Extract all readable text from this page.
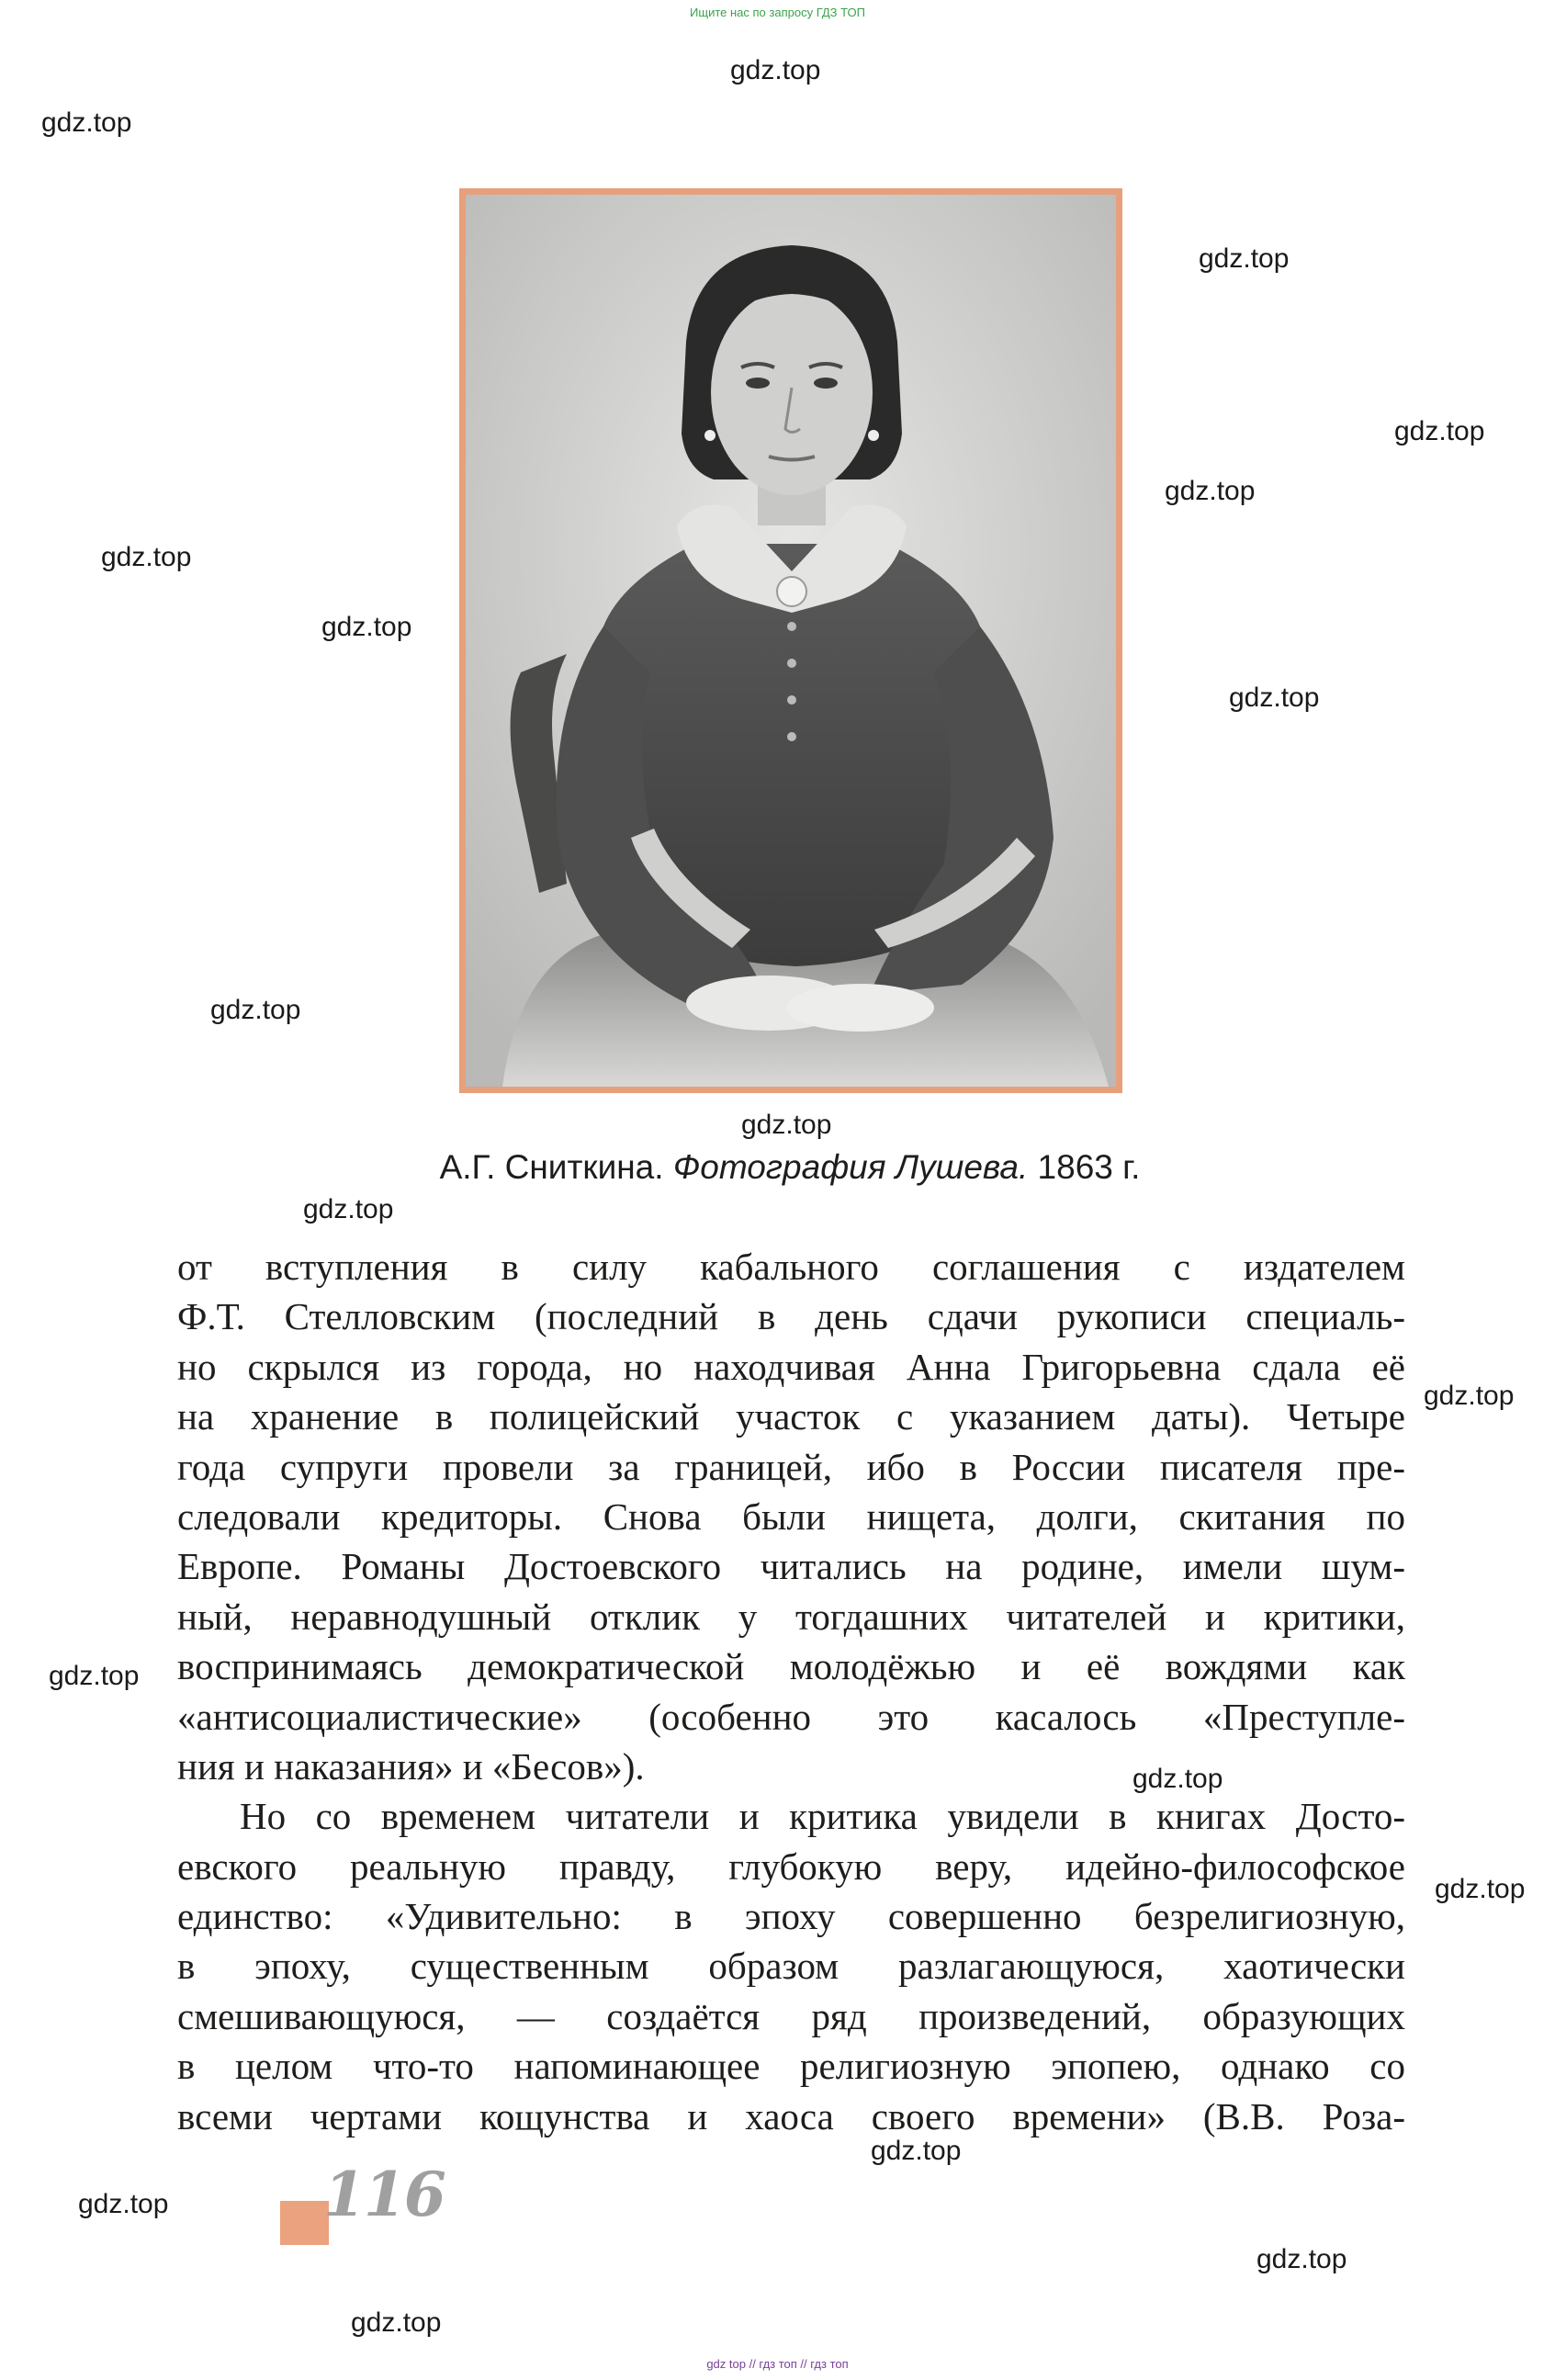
Ищите нас по запросу ГДЗ ТОП
gdz.top
gdz.top
gdz.top
gdz.top
gdz.top
gdz.top
gdz.top
gdz.top
gdz.top
gdz.top
gdz.top
gdz.top
gdz.top
gdz.top
gdz.top
gdz.top
gdz.top
gdz.top
gdz.top
А.Г. Сниткина. Фотография Лушева. 1863 г.
от вступления в силу кабального соглашения с издателем
Ф.Т. Стелловским (последний в день сдачи рукописи специаль-
но скрылся из города, но находчивая Анна Григорьевна сдала её
на хранение в полицейский участок с указанием даты). Четыре
года супруги провели за границей, ибо в России писателя пре-
следовали кредиторы. Снова были нищета, долги, скитания по
Европе. Романы Достоевского читались на родине, имели шум-
ный, неравнодушный отклик у тогдашних читателей и критики,
воспринимаясь демократической молодёжью и её вождями как
«антисоциалистические» (особенно это касалось «Преступле-
ния и наказания» и «Бесов»).
Но со временем читатели и критика увидели в книгах Досто-
евского реальную правду, глубокую веру, идейно-философское
единство: «Удивительно: в эпоху совершенно безрелигиозную,
в эпоху, существенным образом разлагающуюся, хаотически
смешивающуюся, — создаётся ряд произведений, образующих
в целом что-то напоминающее религиозную эпопею, однако со
всеми чертами кощунства и хаоса своего времени» (В.В. Роза-
116
gdz top // гдз топ // гдз топ
